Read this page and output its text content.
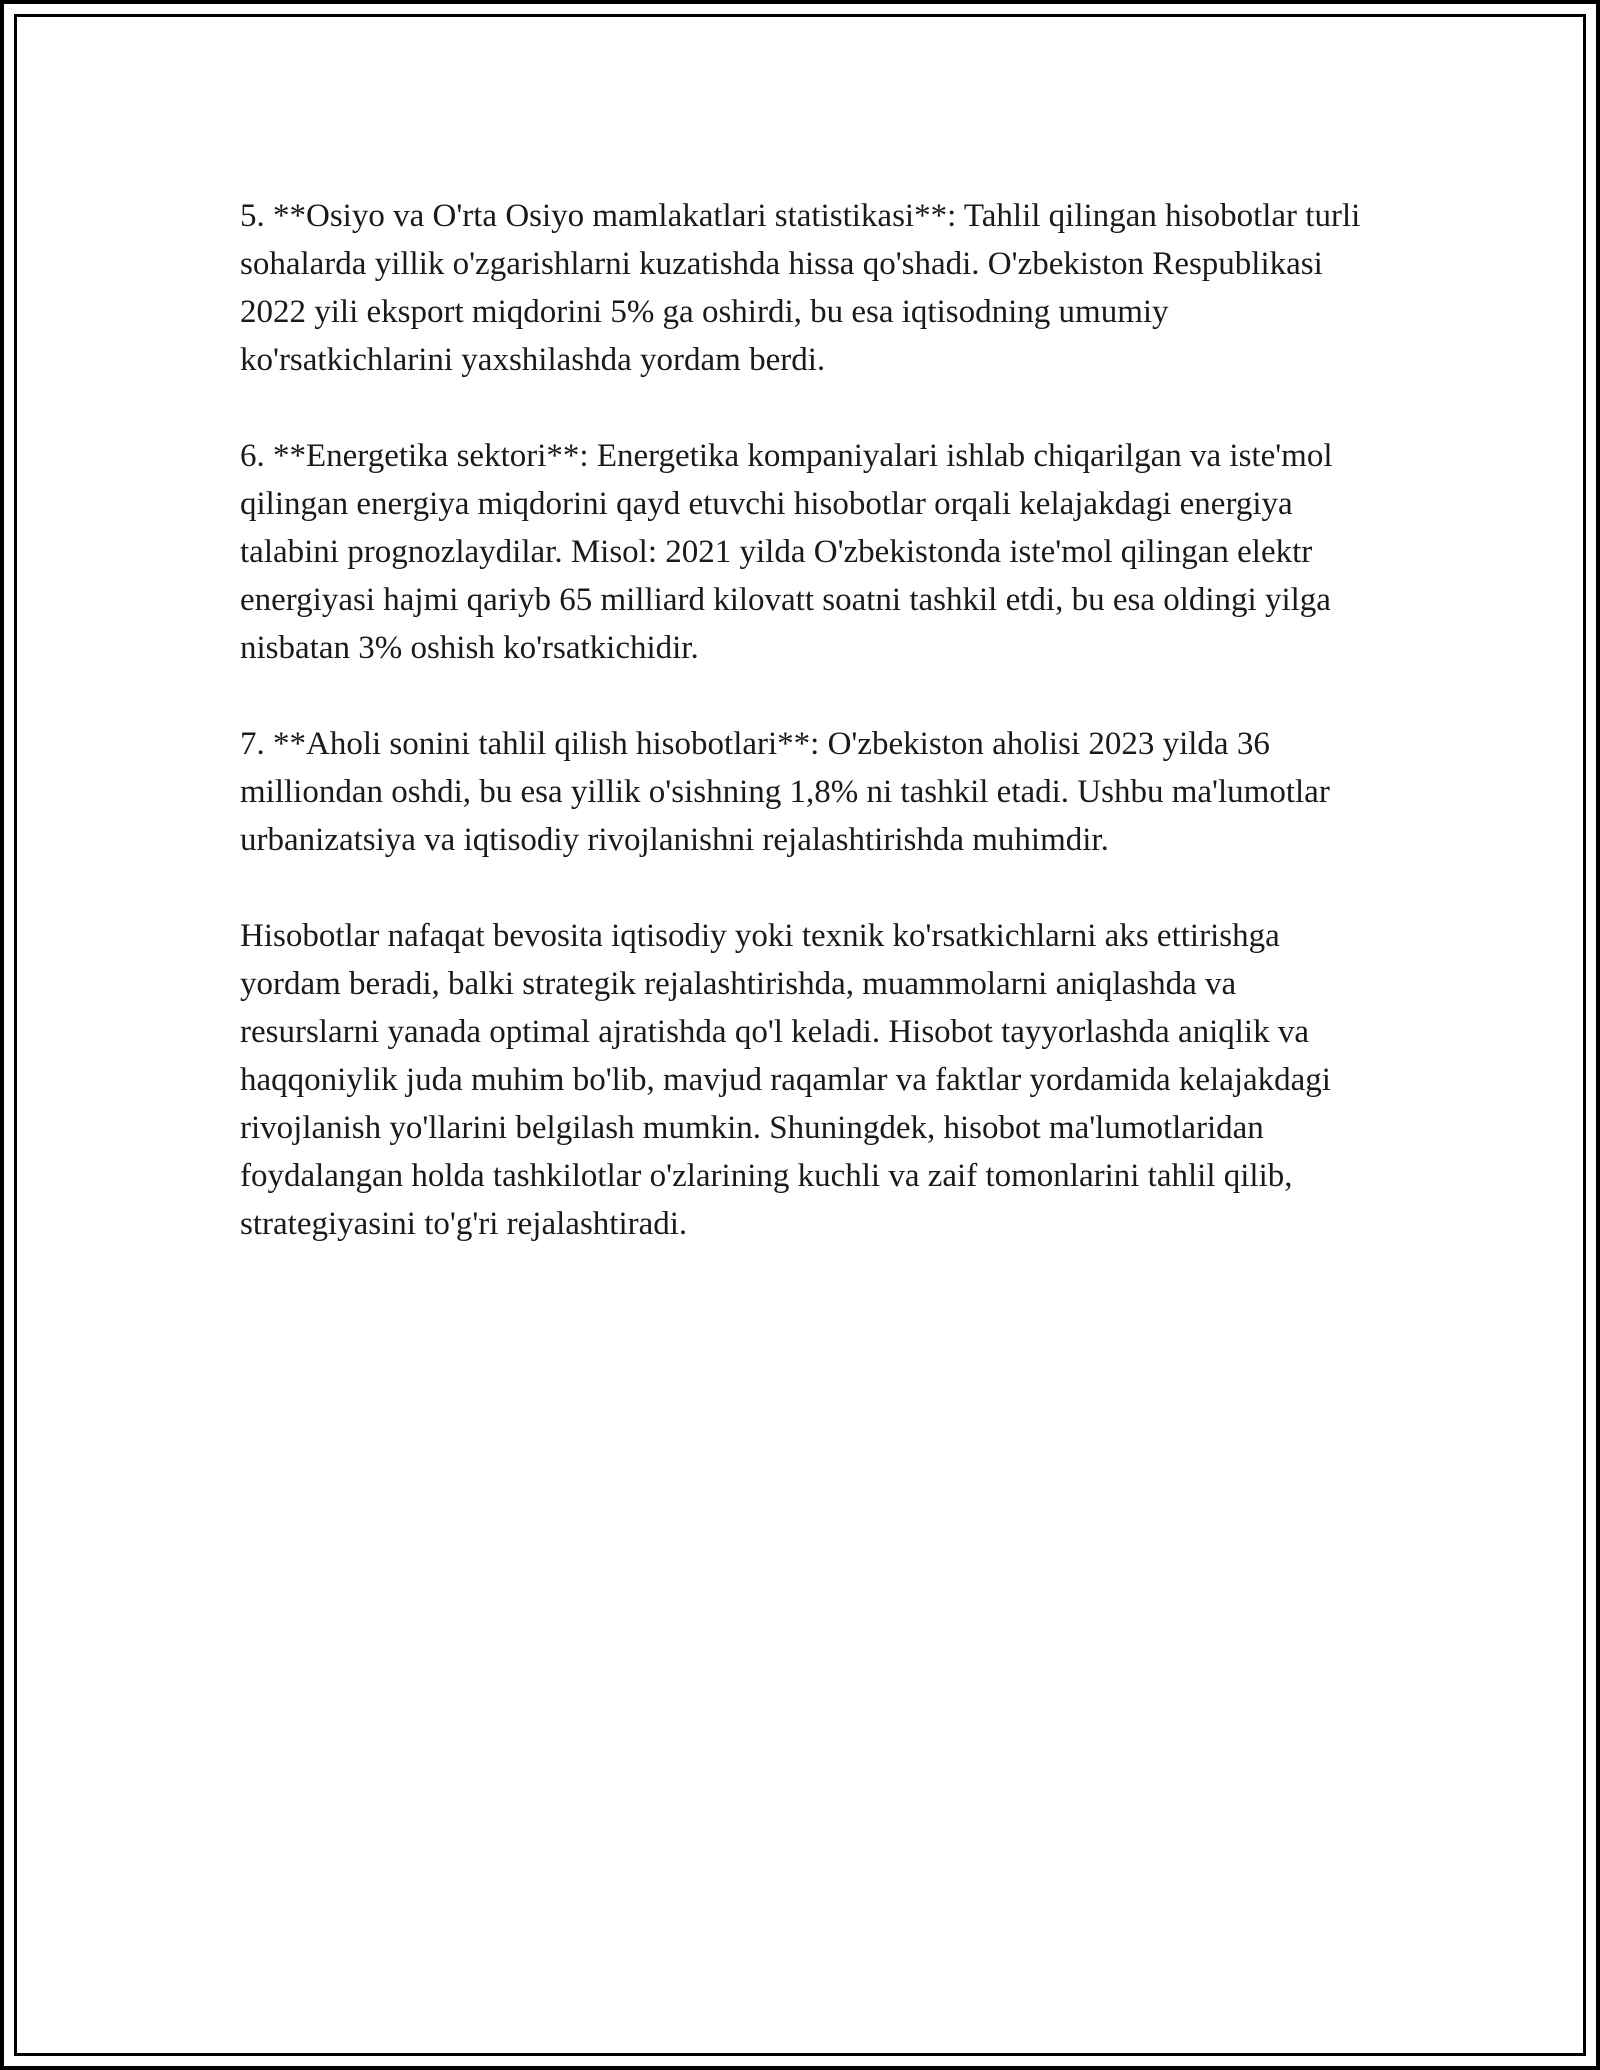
5. **Osiyo va O'rta Osiyo mamlakatlari statistikasi**: Tahlil qilingan hisobotlar turli sohalarda yillik o'zgarishlarni kuzatishda hissa qo'shadi. O'zbekiston Respublikasi 2022 yili eksport miqdorini 5% ga oshirdi, bu esa iqtisodning umumiy ko'rsatkichlarini yaxshilashda yordam berdi.

6. **Energetika sektori**: Energetika kompaniyalari ishlab chiqarilgan va iste'mol qilingan energiya miqdorini qayd etuvchi hisobotlar orqali kelajakdagi energiya talabini prognozlaydilar. Misol: 2021 yilda O'zbekistonda iste'mol qilingan elektr energiyasi hajmi qariyb 65 milliard kilovatt soatni tashkil etdi, bu esa oldingi yilga nisbatan 3% oshish ko'rsatkichidir.

7. **Aholi sonini tahlil qilish hisobotlari**: O'zbekiston aholisi 2023 yilda 36 milliondan oshdi, bu esa yillik o'sishning 1,8% ni tashkil etadi. Ushbu ma'lumotlar urbanizatsiya va iqtisodiy rivojlanishni rejalashtirishda muhimdir.

Hisobotlar nafaqat bevosita iqtisodiy yoki texnik ko'rsatkichlarni aks ettirishga yordam beradi, balki strategik rejalashtirishda, muammolarni aniqlashda va resurslarni yanada optimal ajratishda qo'l keladi. Hisobot tayyorlashda aniqlik va haqqoniylik juda muhim bo'lib, mavjud raqamlar va faktlar yordamida kelajakdagi rivojlanish yo'llarini belgilash mumkin. Shuningdek, hisobot ma'lumotlaridan foydalangan holda tashkilotlar o'zlarining kuchli va zaif tomonlarini tahlil qilib, strategiyasini to'g'ri rejalashtiradi.
